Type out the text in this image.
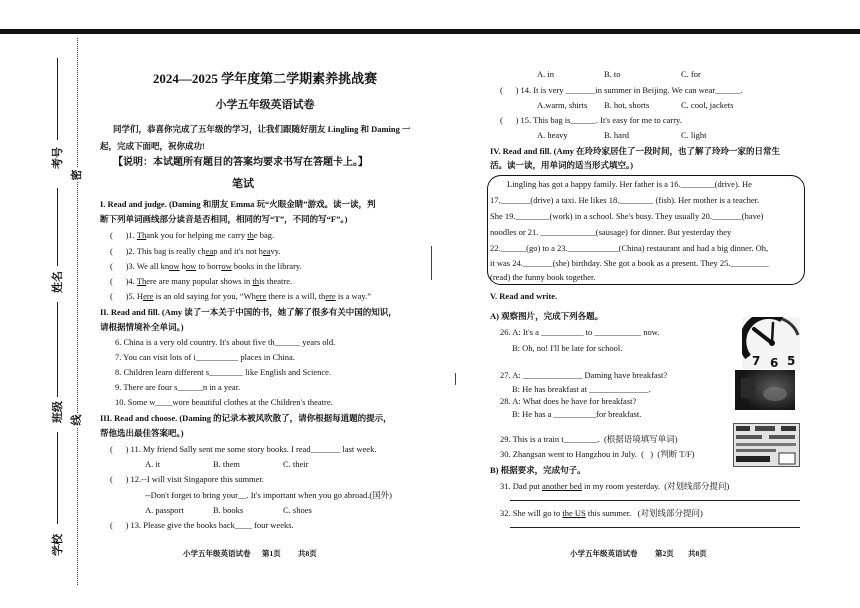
考号
密
姓名
班级 线
学校
2024—2025 学年度第二学期素养挑战赛
小学五年级英语试卷
同学们，恭喜你完成了五年级的学习，让我们跟随好朋友 Lingling 和 Daming 一
起，完成下面吧，祝你成功!
【说明：本试题所有题目的答案均要求书写在答题卡上。】
笔试
I. Read and judge. (Daming 和朋友 Emma 玩“火眼金睛”游戏。读一读，判
断下列单词画线部分读音是否相同，相同的写“T”，不同的写“F”。)
(      )1. Thank you for helping me carry the bag.
(      )2. This bag is really cheap and it's not heavy.
(      )3. We all know how to borrow books in the library.
(      )4. There are many popular shows in this theatre.
(      )5. Here is an old saying for you, “Where there is a will, there is a way.”
II. Read and fill. (Amy 读了一本关于中国的书，她了解了很多有关中国的知识，
请根据情境补全单词。)
6. China is a very old country. It's about five th______ years old.
7. You can visit lots of i__________ places in China.
8. Children learn different s________ like English and Science.
9. There are four s______n in a year.
10. Some w____wore beautiful clothes at the Children's theatre.
III. Read and choose. (Daming 的记录本被风吹散了，请你根据每道题的提示，
帮他选出最佳答案吧。)
(      ) 11. My friend Sally sent me some story books. I read_______ last week.
A. it	B. them	C. their
(      ) 12.--I will visit Singapore this summer.
--Don't forget to bring your__. It's important when you go abroad.(国外)
A. passport	B. books	C. shoes
(      ) 13. Please give the books back____ four weeks.
小学五年级英语试卷 第1页 共8页
A. in	B. to	C. for
(      ) 14. It is very _______in summer in Beijing. We can wear______.
A.warm, shirts B. hot, shorts	C. cool, jackets
(      ) 15. This bag is______. It's easy for me to carry.
A. heavy	B. hard	C. light
IV. Read and fill. (Amy 在玲玲家居住了一段时间，也了解了玲玲一家的日常生
活。读一读，用单词的适当形式填空。)
Lingling has got a happy family. Her father is a 16.________(drive). He
17._______(drive) a taxi. He likes 18.________ (fish). Her mother is a teacher.
She 19.________(work) in a school. She's busy. They usually 20._______(have)
noodles or 21. _____________(sausage) for dinner. But yesterday they
22.______(go) to a 23.____________(China) restaurant and had a big dinner. Oh,
it was 24._______(she) birthday. She got a book as a present. They 25._________
(read) the funny book together.
V. Read and write.
A) 观察图片，完成下列各题。
26. A: It's a __________ to ___________ now.
B: Oh, no! I'll be late for school.
27. A: ______________ Daming have breakfast?
B: He has breakfast at ______________.
28. A: What does he have for breakfast?
B: He has a __________for breakfast.
29. This is a train t________.  (根据语境填写单词)
30. Zhangsan went to Hangzhou in July.  (   )  (判断 T/F)
B) 根据要求，完成句子。
31. Dad put another bed in my room yesterday.  (对划线部分提问)
32. She will go to the US this summer.   (对划线部分提问)
7 6 5
小学五年级英语试卷 第2页 共8页
